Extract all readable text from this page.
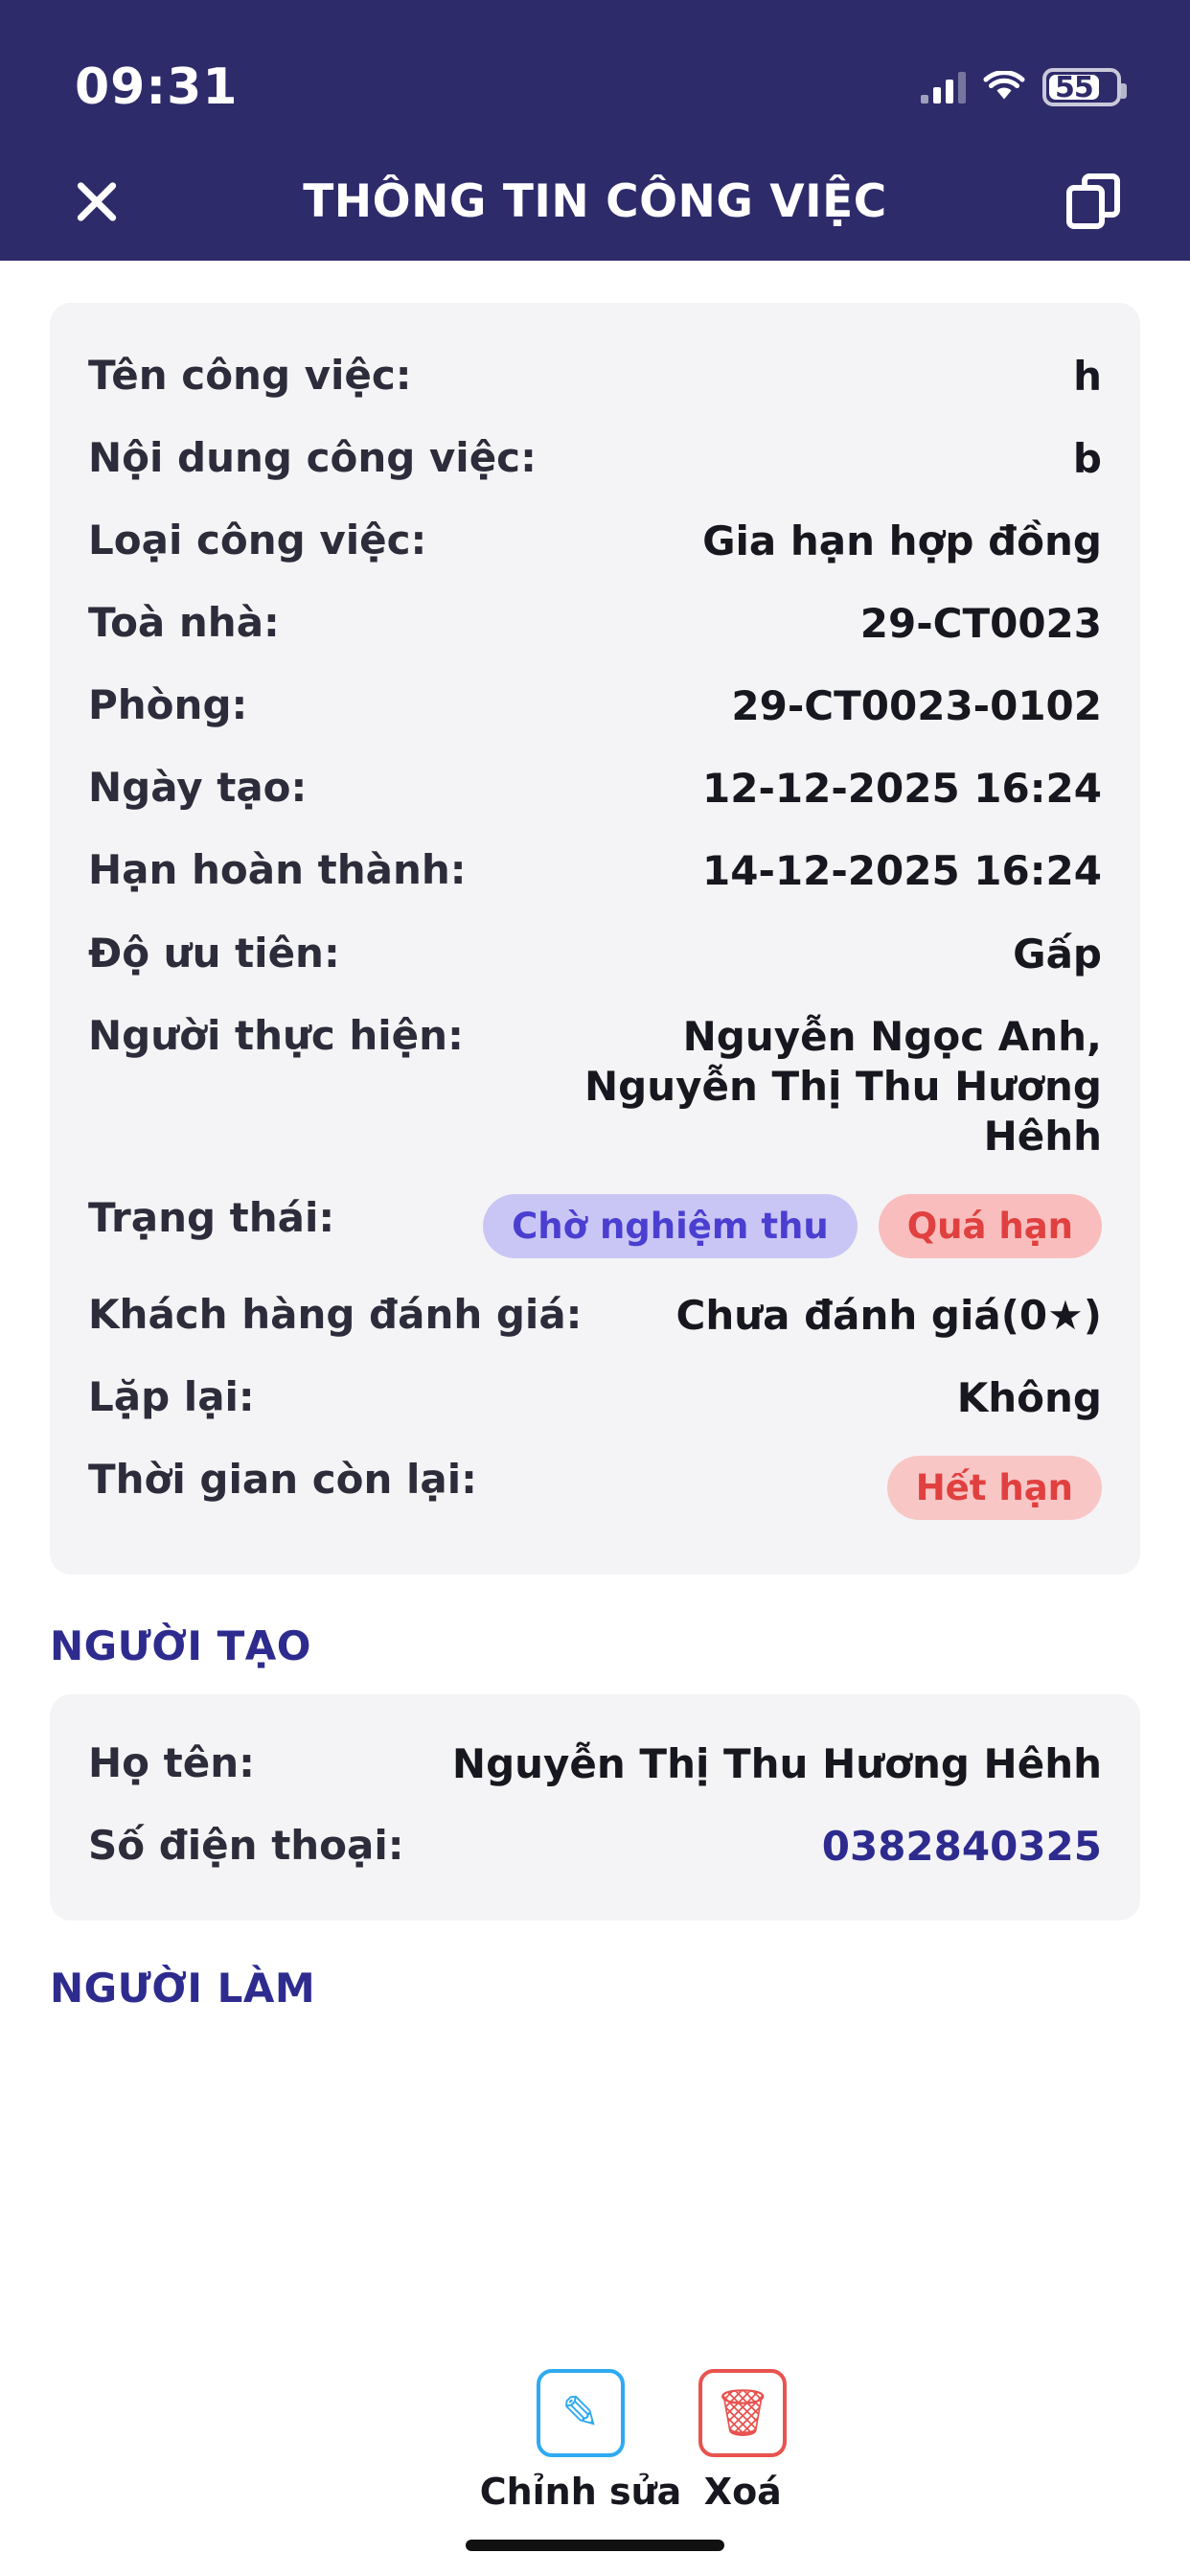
09:31	55
THÔNG TIN CÔNG VIỆC
Tên công việc:	h
Nội dung công việc:	b
Loại công việc:	Gia hạn hợp đồng
Toà nhà:	29-CT0023
Phòng:	29-CT0023-0102
Ngày tạo:	12-12-2025 16:24
Hạn hoàn thành:	14-12-2025 16:24
Độ ưu tiên:	Gấp
Người thực hiện:	Nguyễn Ngọc Anh, Nguyễn Thị Thu Hương Hêhh
Trạng thái:	Chờ nghiệm thu	Quá hạn
Khách hàng đánh giá: Chưa đánh giá(0★)
Lặp lại:	Không
Thời gian còn lại:	Hết hạn
NGƯỜI TẠO
Họ tên:	Nguyễn Thị Thu Hương Hêhh
Số điện thoại:	0382840325
NGƯỜI LÀM
✎
Chỉnh sửa
🗑
Xoá
